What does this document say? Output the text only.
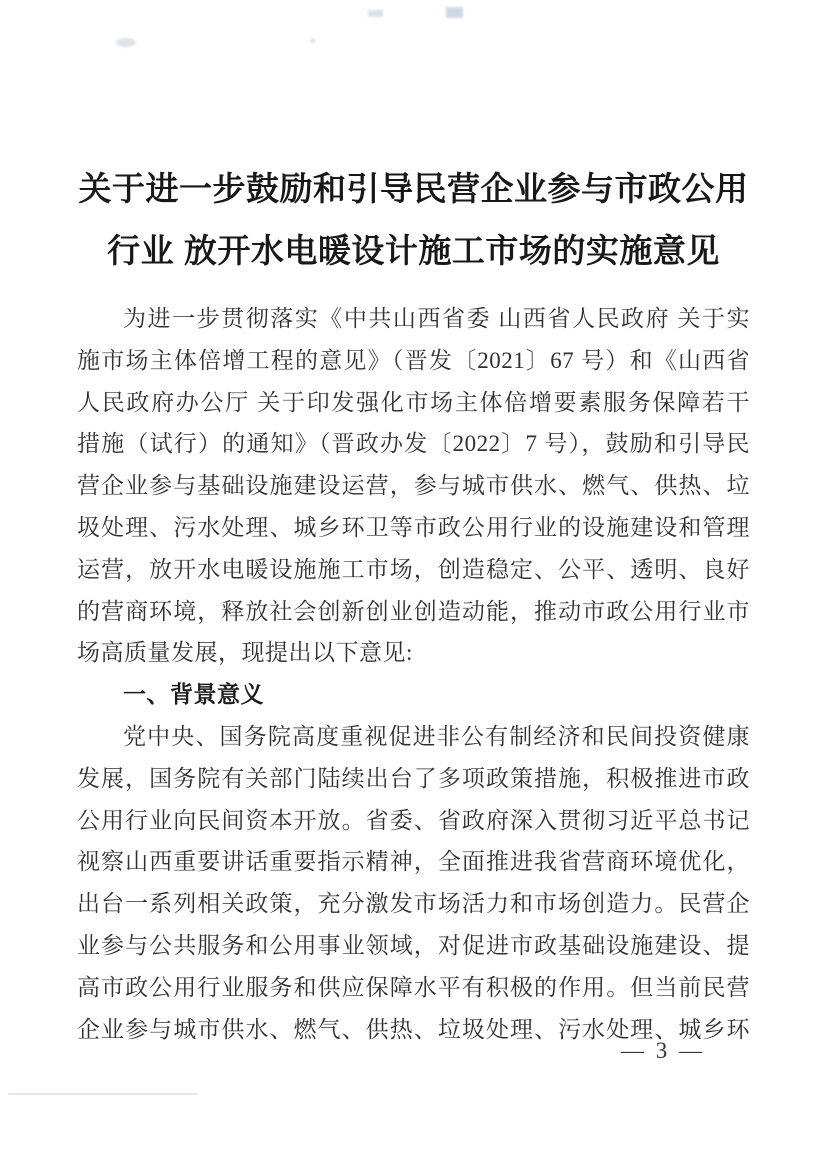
关于进一步鼓励和引导民营企业参与市政公用
行业 放开水电暖设计施工市场的实施意见
为进一步贯彻落实《中共山西省委 山西省人民政府 关于实
施市场主体倍增工程的意见》（晋发〔2021〕67 号）和《山西省
人民政府办公厅 关于印发强化市场主体倍增要素服务保障若干
措施（试行）的通知》（晋政办发〔2022〕7 号），鼓励和引导民
营企业参与基础设施建设运营，参与城市供水、燃气、供热、垃
圾处理、污水处理、城乡环卫等市政公用行业的设施建设和管理
运营，放开水电暖设施施工市场，创造稳定、公平、透明、良好
的营商环境，释放社会创新创业创造动能，推动市政公用行业市
场高质量发展，现提出以下意见:
一、背景意义
党中央、国务院高度重视促进非公有制经济和民间投资健康
发展，国务院有关部门陆续出台了多项政策措施，积极推进市政
公用行业向民间资本开放。省委、省政府深入贯彻习近平总书记
视察山西重要讲话重要指示精神，全面推进我省营商环境优化，
出台一系列相关政策，充分激发市场活力和市场创造力。民营企
业参与公共服务和公用事业领域，对促进市政基础设施建设、提
高市政公用行业服务和供应保障水平有积极的作用。但当前民营
企业参与城市供水、燃气、供热、垃圾处理、污水处理、城乡环
— 3 —
